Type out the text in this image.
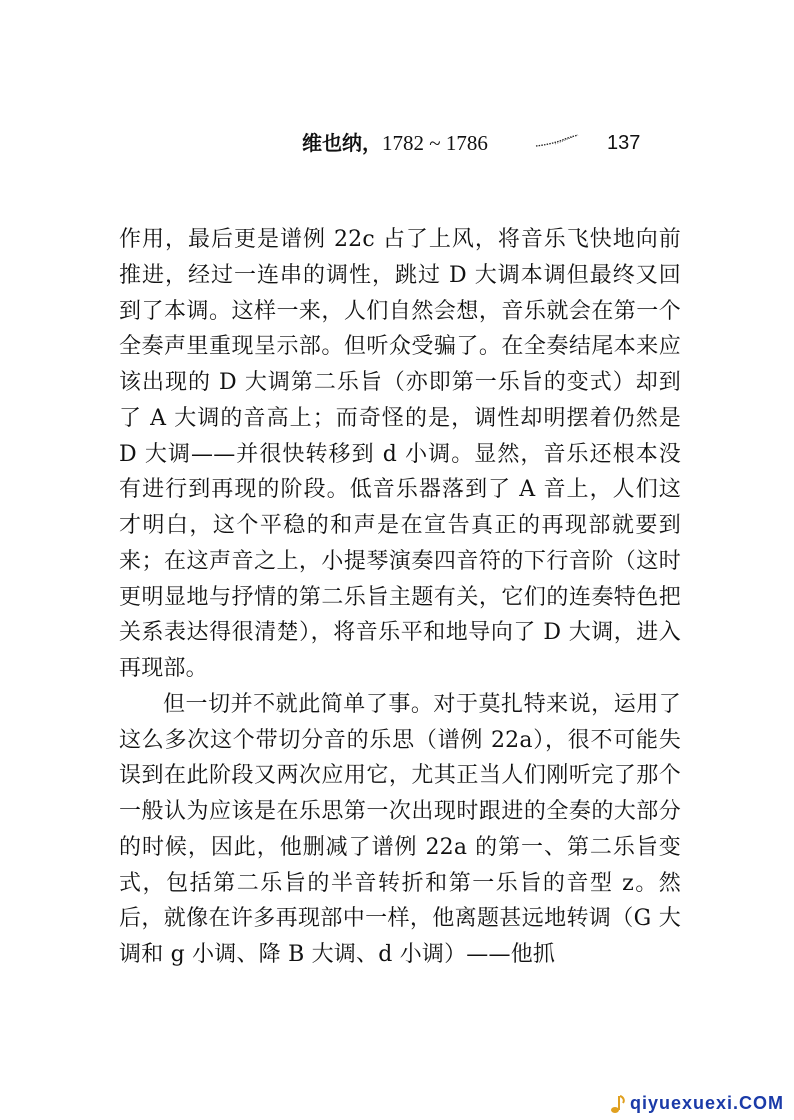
维也纳，1782 ~ 1786	137

作用，最后更是谱例 22c 占了上风，将音乐飞快地向前推进，经过一连串的调性，跳过 D 大调本调但最终又回到了本调。这样一来，人们自然会想，音乐就会在第一个全奏声里重现呈示部。但听众受骗了。在全奏结尾本来应该出现的 D 大调第二乐旨（亦即第一乐旨的变式）却到了 A 大调的音高上；而奇怪的是，调性却明摆着仍然是 D 大调——并很快转移到 d 小调。显然，音乐还根本没有进行到再现的阶段。低音乐器落到了 A 音上，人们这才明白，这个平稳的和声是在宣告真正的再现部就要到来；在这声音之上，小提琴演奏四音符的下行音阶（这时更明显地与抒情的第二乐旨主题有关，它们的连奏特色把关系表达得很清楚），将音乐平和地导向了 D 大调，进入再现部。

但一切并不就此简单了事。对于莫扎特来说，运用了这么多次这个带切分音的乐思（谱例 22a），很不可能失误到在此阶段又两次应用它，尤其正当人们刚听完了那个一般认为应该是在乐思第一次出现时跟进的全奏的大部分的时候，因此，他删减了谱例 22a 的第一、第二乐旨变式，包括第二乐旨的半音转折和第一乐旨的音型 z。然后，就像在许多再现部中一样，他离题甚远地转调（G 大调和 g 小调、降 B 大调、d 小调）——他抓

qiyuexuexi.COM
